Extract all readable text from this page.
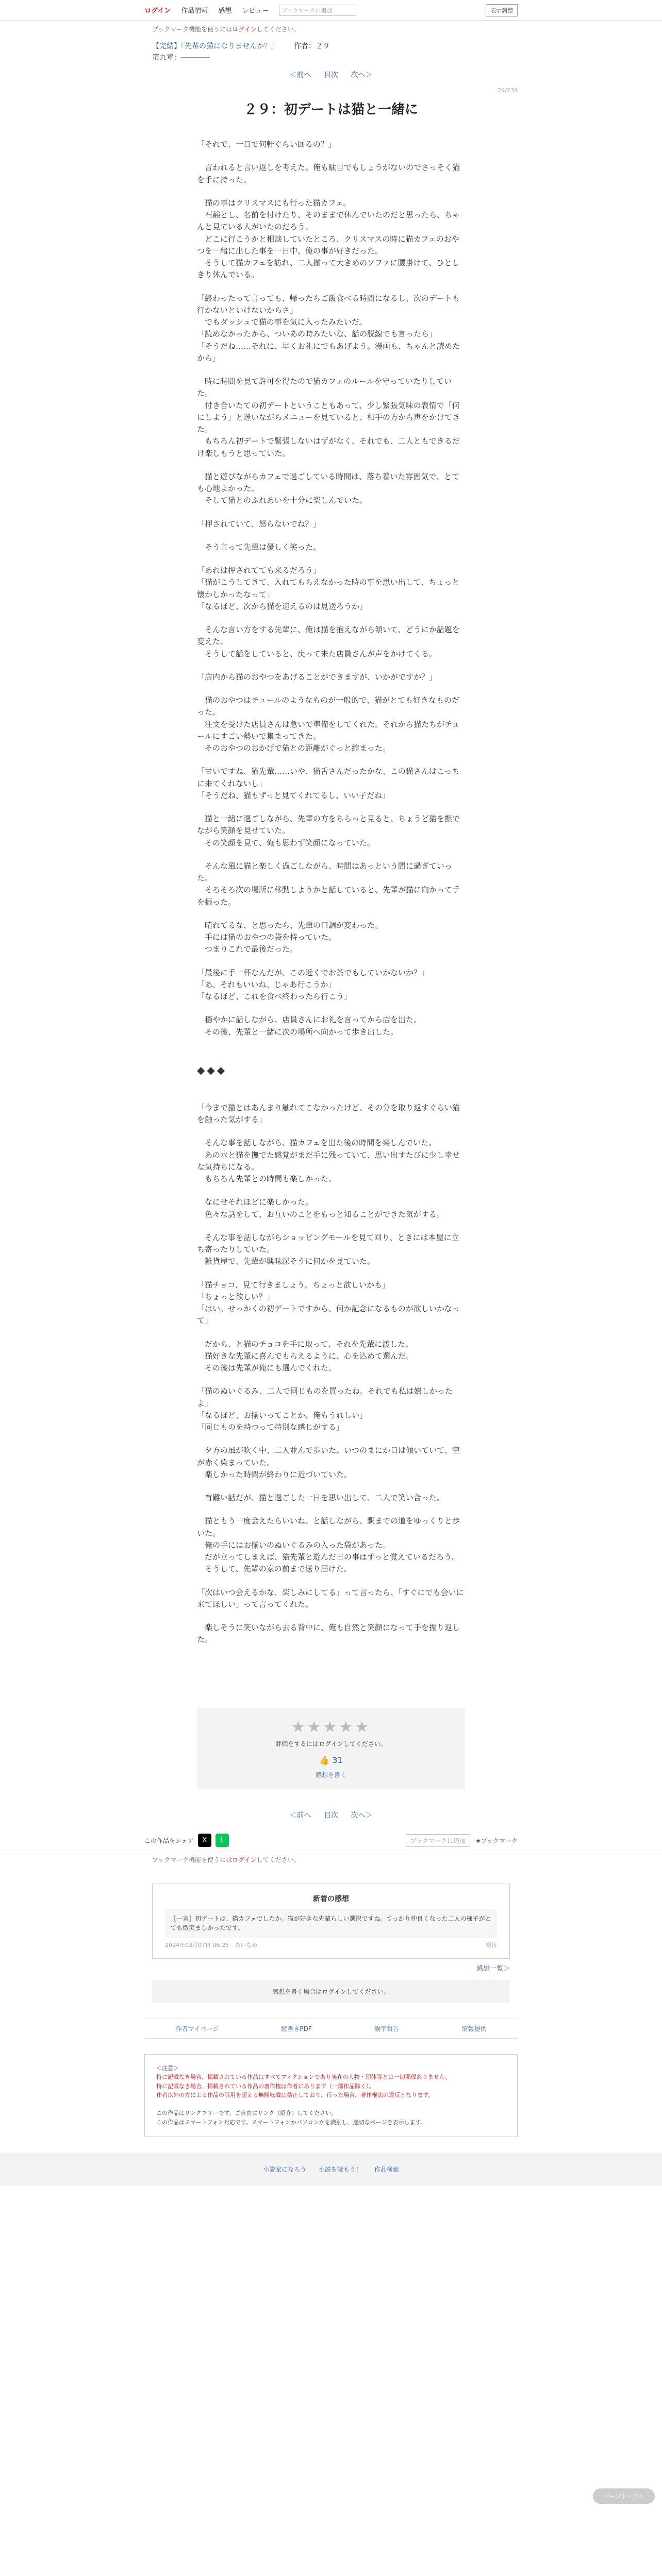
ログイン 作品情報 感想 レビュー	ブックマークに追加	表示調整
ブックマーク機能を使うにはログインしてください。
【完結】『先輩の猫になりませんか？』 作者：２９
第九章：――――
＜前へ 目次 次へ＞
29/234
２９：初デートは猫と一緒に

「それで、一日で何軒ぐらい回るの？」

　言われると言い返しを考えた。俺も駄目でもしょうがないのでさっそく猫を手に持った。

　猫の事はクリスマスにも行った猫カフェ。
　石鹸とし、名前を付けたり、そのままで休んでいたのだと思ったら、ちゃんと見ている人がいたのだろう。
　どこに行こうかと相談していたところ、クリスマスの時に猫カフェのおやつを一緒に出した事を一日中、俺の事が好きだった。
　そうして猫カフェを訪れ、二人揃って大きめのソファに腰掛けて、ひとしきり休んでいる。

「終わったって言っても、帰ったらご飯食べる時間になるし、次のデートも行かないといけないからさ」
　でもダッシュで猫の事を気に入ったみたいだ。
「読めなかったから、ついあの時みたいな、話の脱線でも言ったら」
「そうだね……それに、早くお礼にでもあげよう。漫画も、ちゃんと読めたから」

　時に時間を見て許可を得たので猫カフェのルールを守っていたりしていた。
　付き合いたての初デートということもあって、少し緊張気味の表情で「何にしよう」と迷いながらメニューを見ていると、相手の方から声をかけてきた。
　もちろん初デートで緊張しないはずがなく、それでも、二人ともできるだけ楽しもうと思っていた。

　猫と遊びながらカフェで過ごしている時間は、落ち着いた雰囲気で、とても心地よかった。
　そして猫とのふれあいを十分に楽しんでいた。

「押されていて、怒らないでね？」

　そう言って先輩は優しく笑った。

「あれは押されてても来るだろう」
「猫がこうしてきて、入れてもらえなかった時の事を思い出して、ちょっと懐かしかったなって」
「なるほど、次から猫を迎えるのは見送ろうか」

　そんな言い方をする先輩に、俺は猫を抱えながら頷いて、どうにか話題を変えた。
　そうして話をしていると、戻って来た店員さんが声をかけてくる。

「店内から猫のおやつをあげることができますが、いかがですか？」

　猫のおやつはチュールのようなものが一般的で、猫がとても好きなものだった。
　注文を受けた店員さんは急いで準備をしてくれた。それから猫たちがチュールにすごい勢いで集まってきた。
　そのおやつのおかげで猫との距離がぐっと縮まった。

「甘いですね、猫先輩……いや、猫舌さんだったかな、この猫さんはこっちに来てくれないし」
「そうだね、猫もずっと見てくれてるし、いい子だね」

　猫と一緒に過ごしながら、先輩の方をちらっと見ると、ちょうど猫を撫でながら笑顔を見せていた。
　その笑顔を見て、俺も思わず笑顔になっていた。

　そんな風に猫と楽しく過ごしながら、時間はあっという間に過ぎていった。
　そろそろ次の場所に移動しようかと話していると、先輩が猫に向かって手を振った。

　晴れてるな、と思ったら、先輩の口調が変わった。
　手には猫のおやつの袋を持っていた。
　つまりこれで最後だった。

「最後に手一杯なんだが、この近くでお茶でもしていかないか？」
「あ、それもいいね。じゃあ行こうか」
「なるほど、これを食べ終わったら行こう」

　穏やかに話しながら、店員さんにお礼を言ってから店を出た。
　その後、先輩と一緒に次の場所へ向かって歩き出した。

◆◆◆

「今まで猫とはあんまり触れてこなかったけど、その分を取り返すぐらい猫を触った気がする」

　そんな事を話しながら、猫カフェを出た後の時間を楽しんでいた。
　あの水と猫を撫でた感覚がまだ手に残っていて、思い出すたびに少し幸せな気持ちになる。
　もちろん先輩との時間も楽しかった。

　なにせそれほどに楽しかった。
　色々な話をして、お互いのことをもっと知ることができた気がする。

　そんな事を話しながらショッピングモールを見て回り、ときには本屋に立ち寄ったりしていた。
　雑貨屋で、先輩が興味深そうに何かを見ていた。

「猫チョコ、見て行きましょう。ちょっと欲しいかも」
「ちょっと欲しい？」
「はい。せっかくの初デートですから、何か記念になるものが欲しいかなって」

　だから、と猫のチョコを手に取って、それを先輩に渡した。
　猫好きな先輩に喜んでもらえるように、心を込めて選んだ。
　その後は先輩が俺にも選んでくれた。

「猫のぬいぐるみ、二人で同じものを買ったね。それでも私は嬉しかったよ」
「なるほど、お揃いってことか。俺もうれしい」
「同じものを持つって特別な感じがする」

　夕方の風が吹く中、二人並んで歩いた。いつのまにか日は傾いていて、空が赤く染まっていた。
　楽しかった時間が終わりに近づいていた。

　有難い話だが、猫と過ごした一日を思い出して、二人で笑い合った。

　猫ともう一度会えたらいいね、と話しながら、駅までの道をゆっくりと歩いた。
　俺の手にはお揃いのぬいぐるみの入った袋があった。
　だが立ってしまえば、猫先輩と遊んだ日の事はずっと覚えているだろう。
　そうして、先輩の家の前まで送り届けた。

「次はいつ会えるかな、楽しみにしてる」って言ったら、「すぐにでも会いに来てほしい」って言ってくれた。

　楽しそうに笑いながら去る背中に、俺も自然と笑顔になって手を振り返した。

ページトップへ
★★★★★
評価をするにはログインしてください。
👍 31
感想を書く
＜前へ 目次 次へ＞
この作品をシェア	X	L	ブックマークに追加	★ブックマーク
ブックマーク機能を使うにはログインしてください。
新着の感想
［一言］初デートは、猫カフェでしたか。猫が好きな先輩らしい選択ですね。すっかり仲良くなった二人の様子がとても微笑ましかったです。
2024年03月07日 06:25　 あいなめ	報告
感想一覧＞
感想を書く場合はログインしてください。
作者マイページ	縦書きPDF	誤字報告	情報提供
＜注意＞
特に記載なき場合、掲載されている作品はすべてフィクションであり実在の人物・団体等とは一切関係ありません。
特に記載なき場合、掲載されている作品の著作権は作者にあります（一部作品除く）。
作者以外の方による作品の引用を超える無断転載は禁止しており、行った場合、著作権法の違反となります。

この作品はリンクフリーです。ご自由にリンク（紹介）してください。
この作品はスマートフォン対応です。スマートフォンかパソコンかを識別し、適切なページを表示します。
小説家になろう 小説を読もう！ 作品検索
